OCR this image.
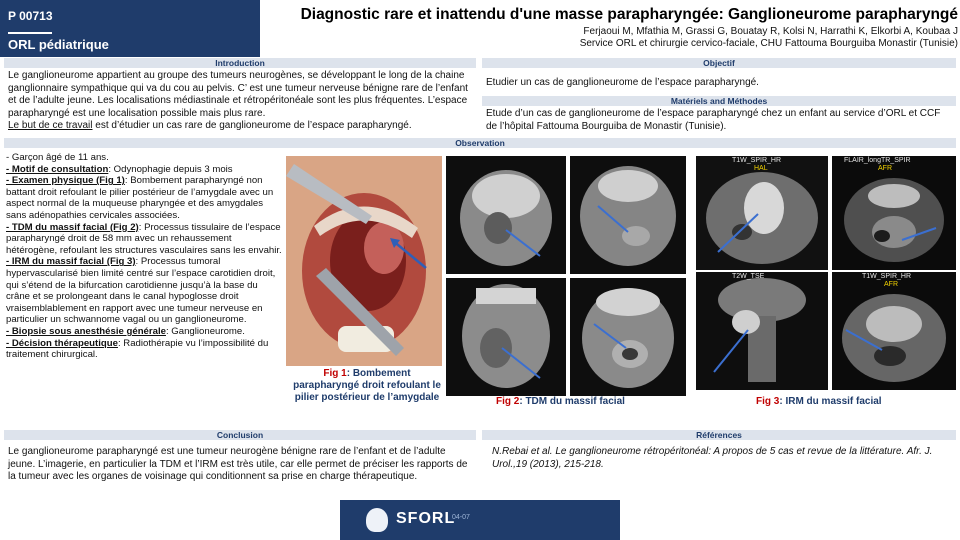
P 00713
ORL pédiatrique
Diagnostic rare et inattendu d'une masse parapharyngée: Ganglioneurome parapharyngé
Ferjaoui M, Mfathia M, Grassi G, Bouatay R, Kolsi N, Harrathi K, Elkorbi A, Koubaa J
Service ORL et chirurgie cervico-faciale, CHU Fattouma Bourguiba Monastir (Tunisie)
Introduction
Le ganglioneurome appartient au groupe des tumeurs neurogènes, se développant le long de la chaine ganglionnaire sympathique qui va du cou au pelvis. C’ est une tumeur nerveuse bénigne rare de l’enfant et de l’adulte jeune. Les localisations médiastinale et rétropéritonéale sont les plus fréquentes. L’espace parapharyngé est une localisation possible mais plus rare.
Le but de ce travail est d’étudier un cas rare de ganglioneurome de l’espace parapharyngé.
Objectif
Etudier un cas de ganglioneurome de l’espace parapharyngé.
Matériels and Méthodes
Etude d’un cas de ganglioneurome de l’espace parapharyngé chez un enfant au service d’ORL et CCF de l’hôpital Fattouma Bourguiba de Monastir (Tunisie).
Observation
- Garçon âgé de 11 ans.
- Motif de consultation: Odynophagie depuis 3 mois
- Examen physique (Fig 1): Bombement parapharyngé non battant droit refoulant le pilier postérieur de l’amygdale avec un aspect normal de la muqueuse pharyngée et des amygdales sans adénopathies cervicales associées.
- TDM du massif facial (Fig 2): Processus tissulaire de l’espace parapharyngé droit de 58 mm avec un rehaussement hétérogène, refoulant les structures vasculaires sans les envahir.
- IRM du massif facial (Fig 3): Processus tumoral hypervascularisé bien limité centré sur l’espace carotidien droit, qui s’étend de la bifurcation carotidienne jusqu’à la base du crâne et se prolongeant dans le canal hypoglosse droit vraisemblablement en rapport avec une tumeur nerveuse en particulier un schwannome vagal ou un ganglioneurome.
- Biopsie sous anesthésie générale: Ganglioneurome.
- Décision thérapeutique: Radiothérapie vu l’impossibilité du traitement chirurgical.
Fig 1: Bombement parapharyngé droit refoulant le pilier postérieur de l’amygdale	Fig 2: TDM du massif facial
T1W_SPIR_HR
HAL
FLAIR_longTR_SPIR
AFR
T2W_TSE	T1W_SPIR_HR
AFR
Fig 3: IRM du massif facial
Conclusion
Le ganglioneurome parapharyngé est une tumeur neurogène bénigne rare de l’enfant et de l’adulte jeune. L’imagerie, en particulier la TDM et l’IRM est très utile, car elle permet de préciser les rapports de la tumeur avec les organes de voisinage qui conditionnent sa prise en charge thérapeutique.
Références
N.Rebai et al. Le ganglioneurome rétropéritonéal: A propos de 5 cas et revue de la littérature. Afr. J. Urol.,19 (2013), 215-218.
SFORL
04-07
